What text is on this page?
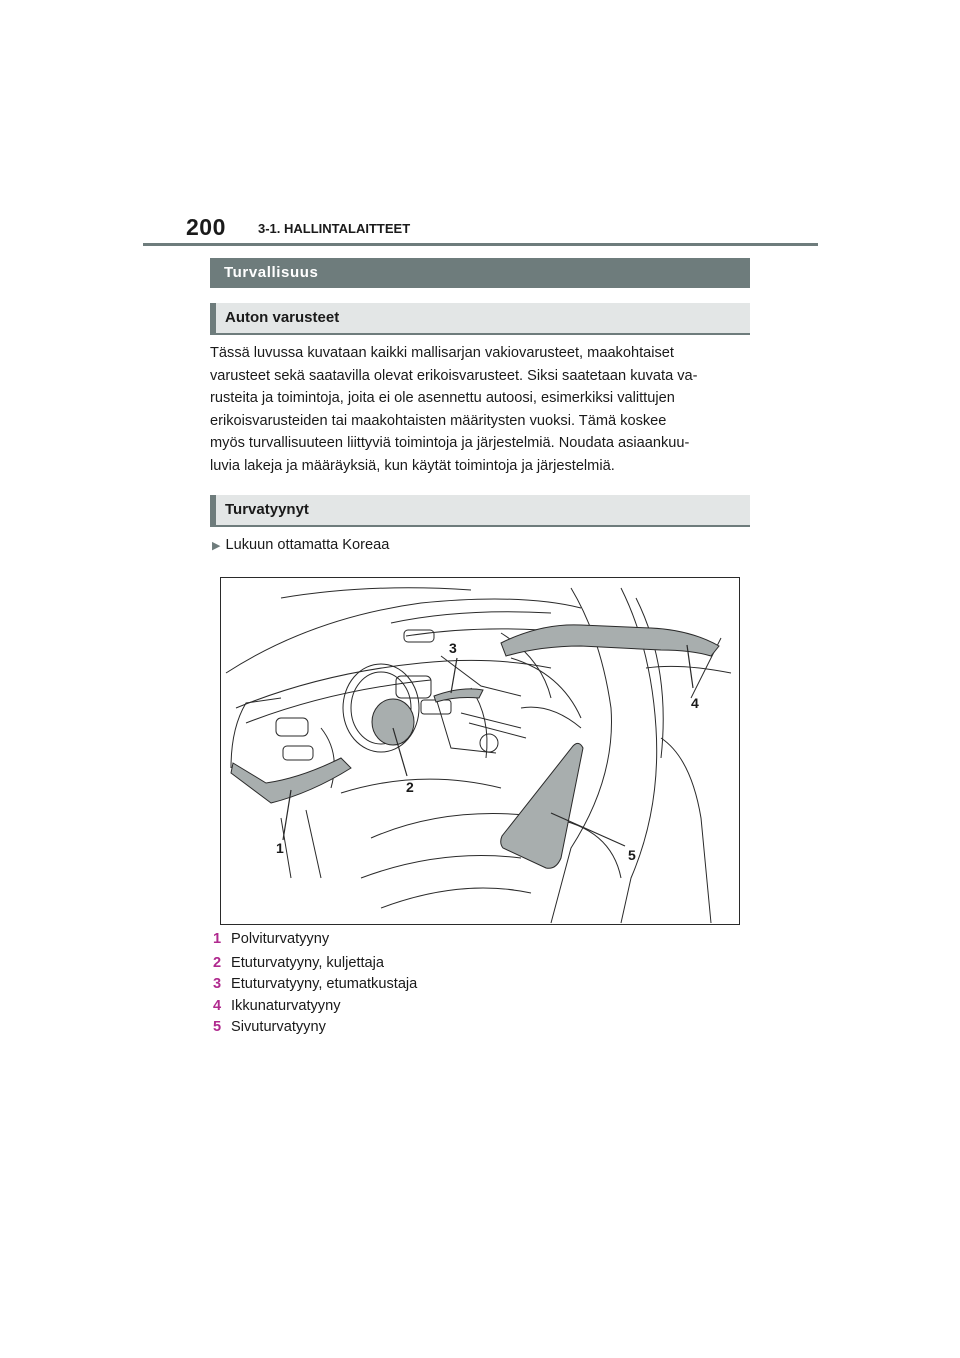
200 3-1. HALLINTALAITTEET
Turvallisuus
Auton varusteet

Tässä luvussa kuvataan kaikki mallisarjan vakiovarusteet, maakohtaiset
varusteet sekä saatavilla olevat erikoisvarusteet. Siksi saatetaan kuvata va-
rusteita ja toimintoja, joita ei ole asennettu autoosi, esimerkiksi valittujen
erikoisvarusteiden tai maakohtaisten määritysten vuoksi. Tämä koskee
myös turvallisuuteen liittyviä toimintoja ja järjestelmiä. Noudata asiaankuu-
luvia lakeja ja määräyksiä, kun käytät toimintoja ja järjestelmiä.

Turvatyynyt
▶ Lukuun ottamatta Koreaa
1
2
3
4
5
1 Polviturvatyyny
2 Etuturvatyyny, kuljettaja
3 Etuturvatyyny, etumatkustaja
4 Ikkunaturvatyyny
5 Sivuturvatyyny
